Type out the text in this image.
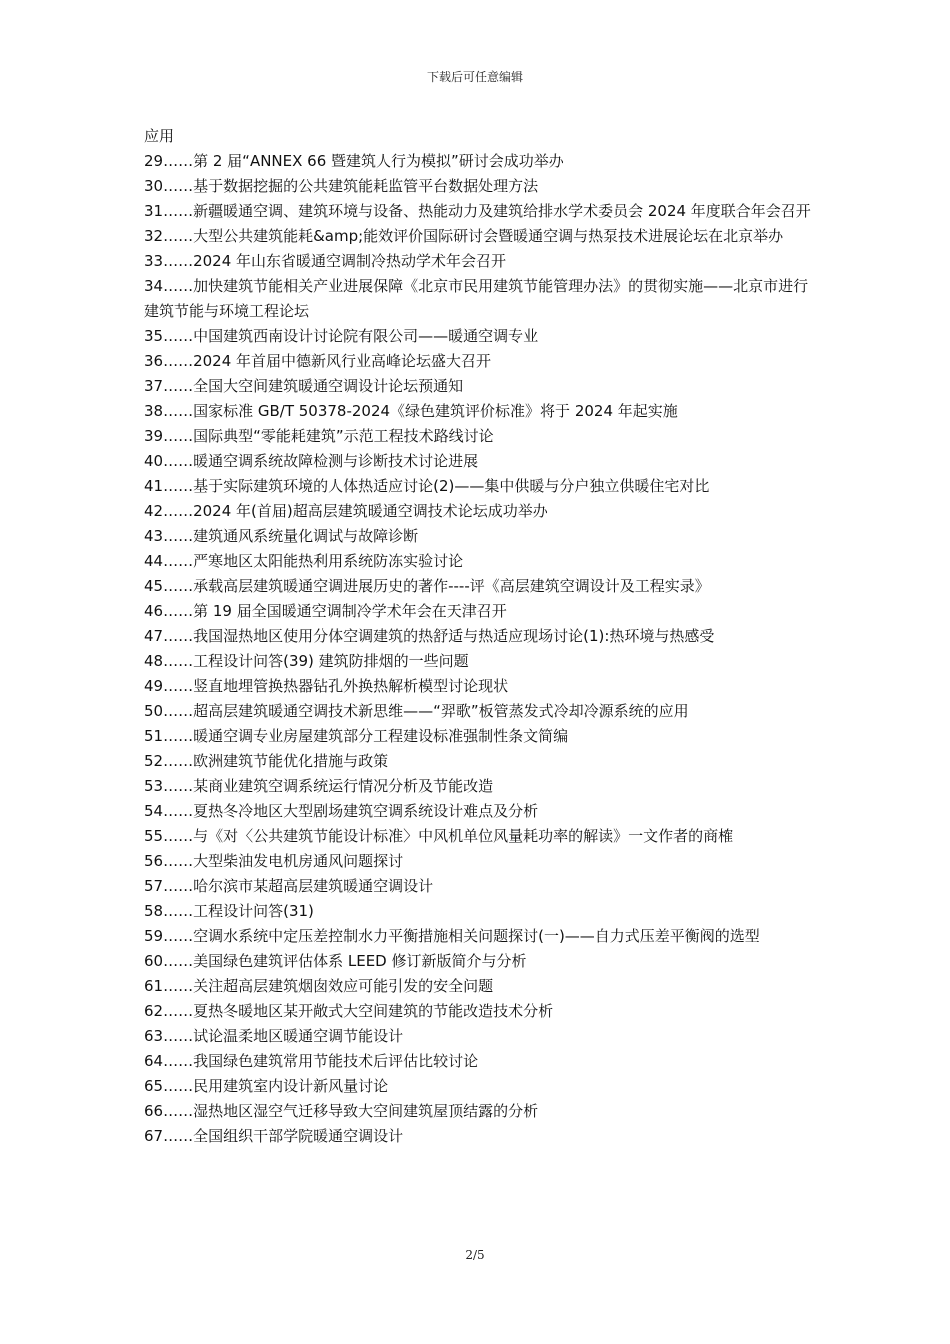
下载后可任意编辑

应用

29……第 2 届“ANNEX 66 暨建筑人行为模拟”研讨会成功举办

30……基于数据挖掘的公共建筑能耗监管平台数据处理方法

31……新疆暖通空调、建筑环境与设备、热能动力及建筑给排水学术委员会 2024 年度联合年会召开

32……大型公共建筑能耗&amp;能效评价国际研讨会暨暖通空调与热泵技术进展论坛在北京举办

33……2024 年山东省暖通空调制冷热动学术年会召开

34……加快建筑节能相关产业进展保障《北京市民用建筑节能管理办法》的贯彻实施——北京市进行建筑节能与环境工程论坛

35……中国建筑西南设计讨论院有限公司——暖通空调专业

36……2024 年首届中德新风行业高峰论坛盛大召开

37……全国大空间建筑暖通空调设计论坛预通知

38……国家标准 GB/T 50378-2024《绿色建筑评价标准》将于 2024 年起实施

39……国际典型“零能耗建筑”示范工程技术路线讨论

40……暖通空调系统故障检测与诊断技术讨论进展

41……基于实际建筑环境的人体热适应讨论(2)——集中供暖与分户独立供暖住宅对比

42……2024 年(首届)超高层建筑暖通空调技术论坛成功举办

43……建筑通风系统量化调试与故障诊断

44……严寒地区太阳能热利用系统防冻实验讨论

45……承载高层建筑暖通空调进展历史的著作----评《高层建筑空调设计及工程实录》

46……第 19 届全国暖通空调制冷学术年会在天津召开

47……我国湿热地区使用分体空调建筑的热舒适与热适应现场讨论(1):热环境与热感受

48……工程设计问答(39) 建筑防排烟的一些问题

49……竖直地埋管换热器钻孔外换热解析模型讨论现状

50……超高层建筑暖通空调技术新思维——“羿歌”板管蒸发式冷却冷源系统的应用

51……暖通空调专业房屋建筑部分工程建设标准强制性条文简编

52……欧洲建筑节能优化措施与政策

53……某商业建筑空调系统运行情况分析及节能改造

54……夏热冬冷地区大型剧场建筑空调系统设计难点及分析

55……与《对〈公共建筑节能设计标准〉中风机单位风量耗功率的解读》一文作者的商榷

56……大型柴油发电机房通风问题探讨

57……哈尔滨市某超高层建筑暖通空调设计

58……工程设计问答(31)

59……空调水系统中定压差控制水力平衡措施相关问题探讨(一)——自力式压差平衡阀的选型

60……美国绿色建筑评估体系 LEED 修订新版简介与分析

61……关注超高层建筑烟囱效应可能引发的安全问题

62……夏热冬暖地区某开敞式大空间建筑的节能改造技术分析

63……试论温柔地区暖通空调节能设计

64……我国绿色建筑常用节能技术后评估比较讨论

65……民用建筑室内设计新风量讨论

66……湿热地区湿空气迁移导致大空间建筑屋顶结露的分析

67……全国组织干部学院暖通空调设计

2/5
